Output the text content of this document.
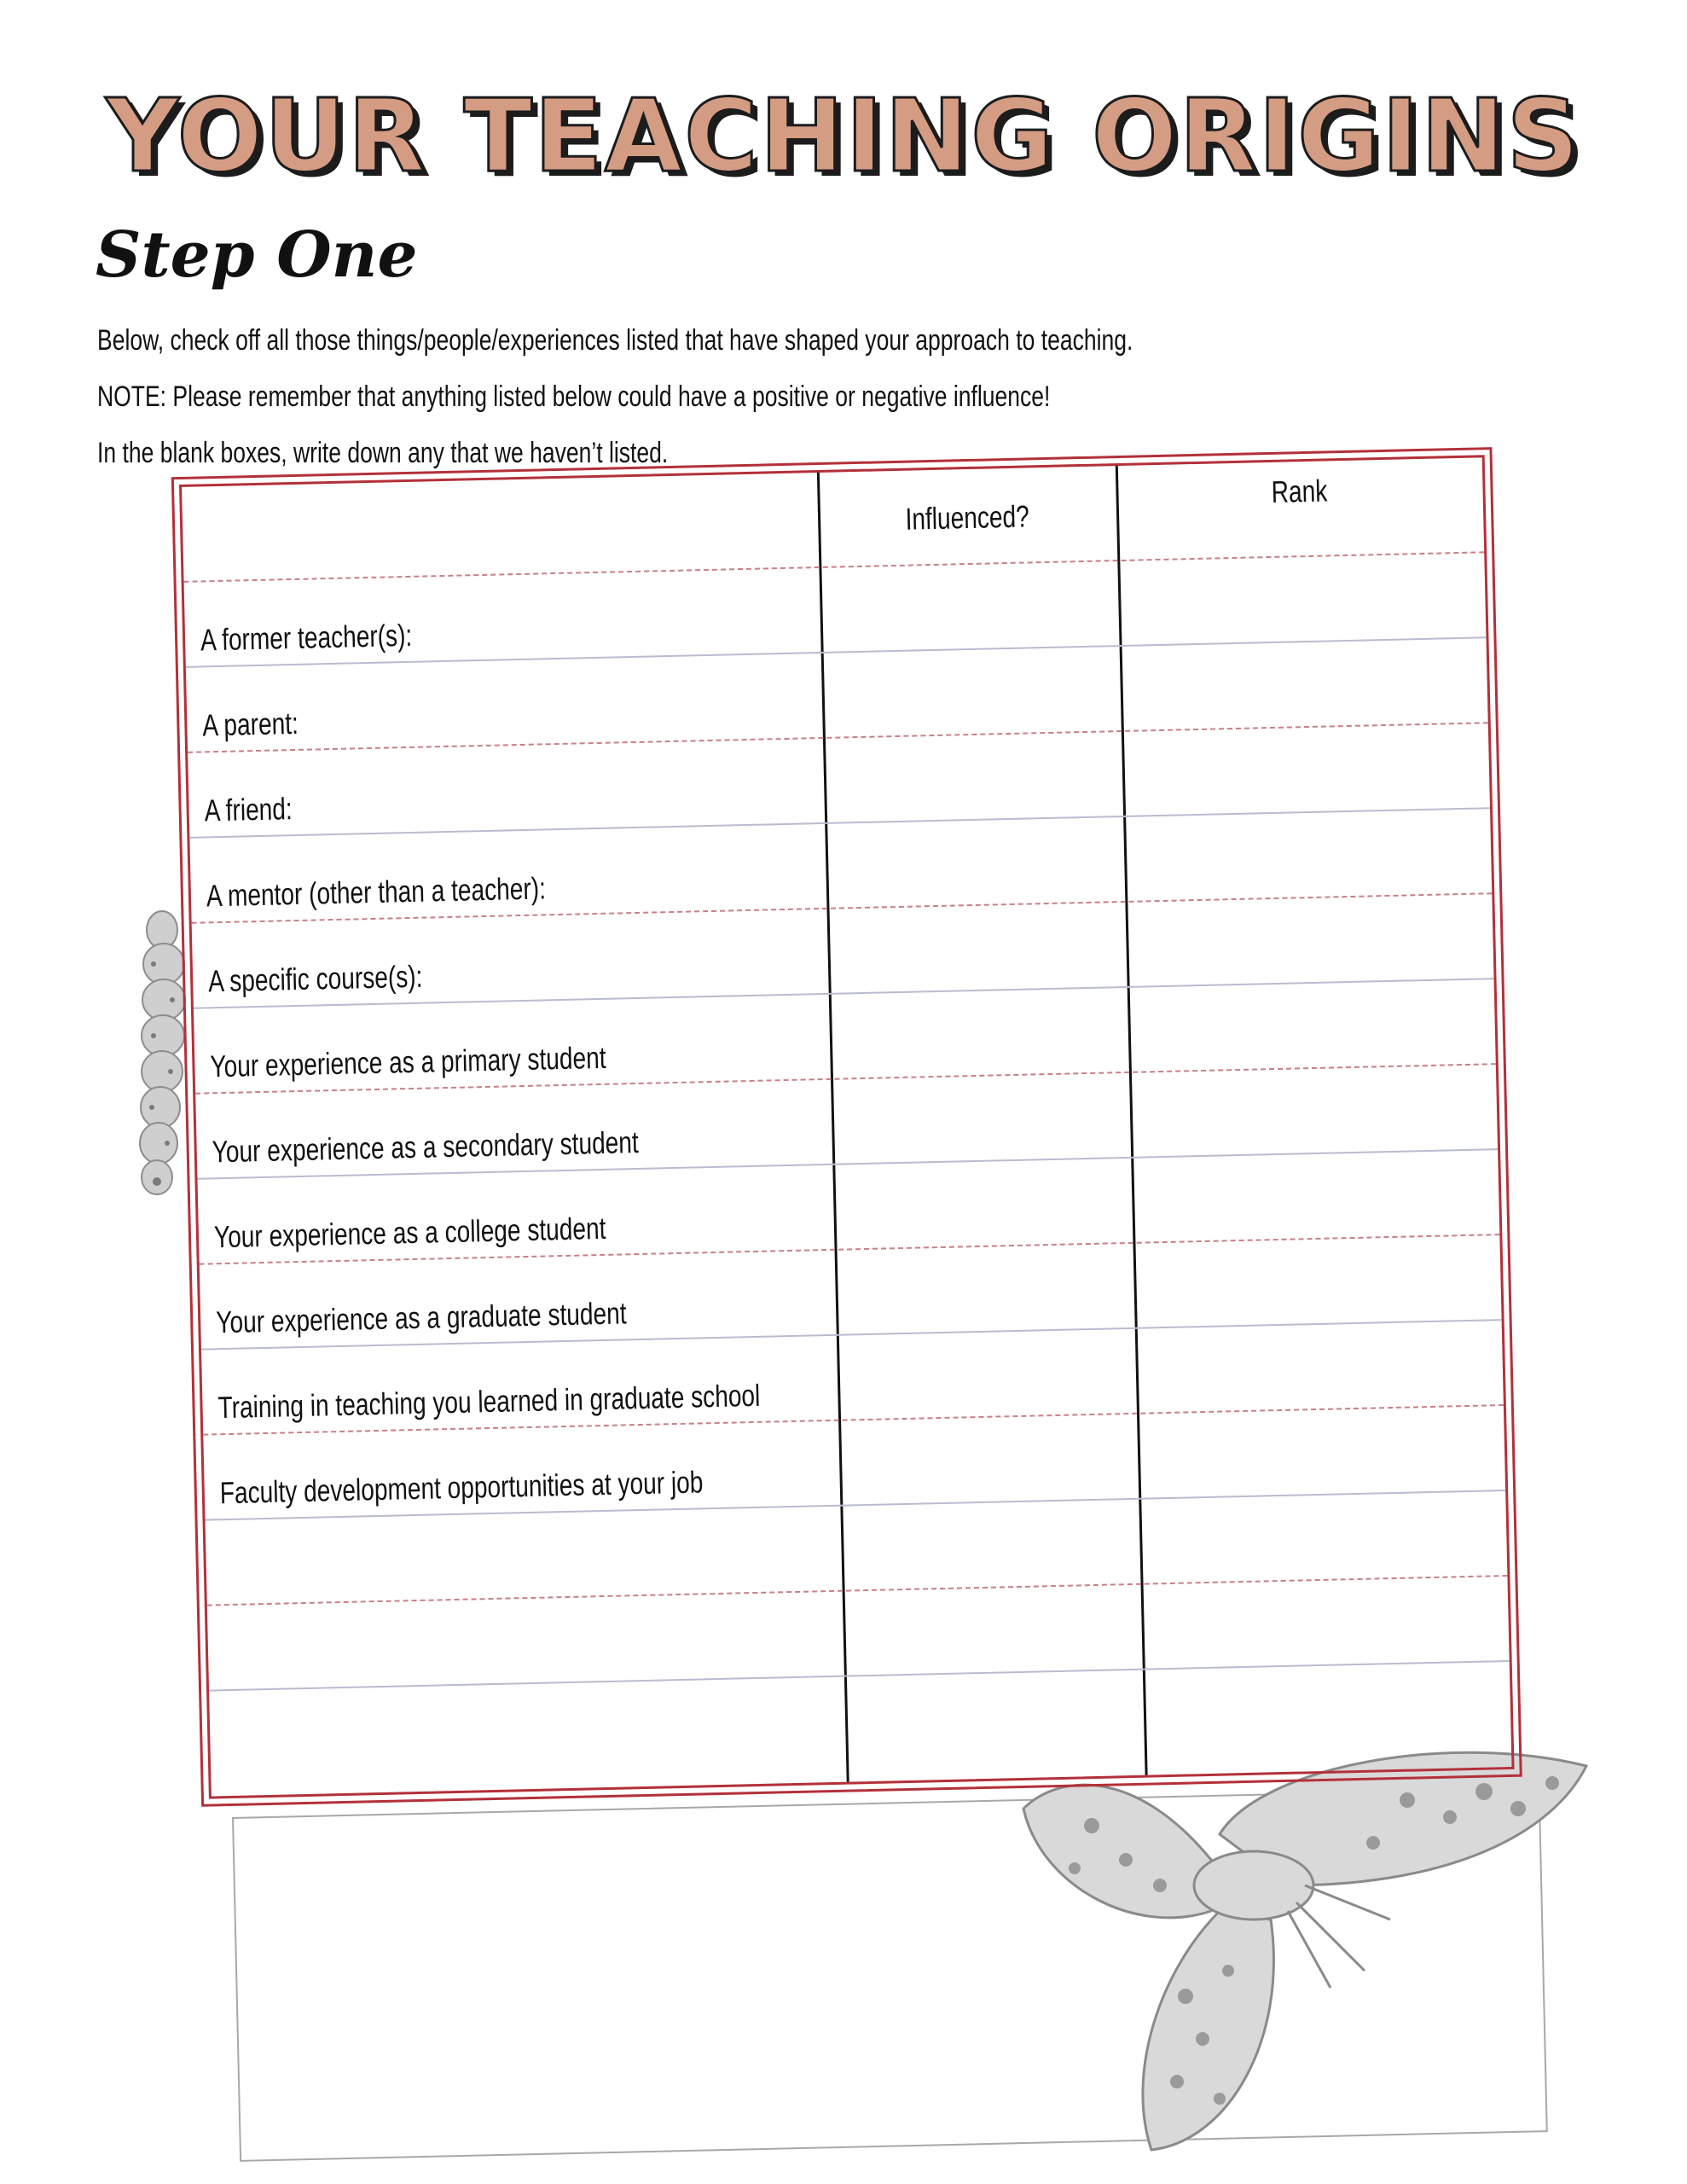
YOUR TEACHING ORIGINS
Step One

Below, check off all those things/people/experiences listed that have shaped your approach to teaching.

NOTE: Please remember that anything listed below could have a positive or negative influence!

In the blank boxes, write down any that we haven’t listed.

Influenced?
Rank
A former teacher(s):
A parent:
A friend:
A mentor (other than a teacher):
A specific course(s):
Your experience as a primary student
Your experience as a secondary student
Your experience as a college student
Your experience as a graduate student
Training in teaching you learned in graduate school
Faculty development opportunities at your job
